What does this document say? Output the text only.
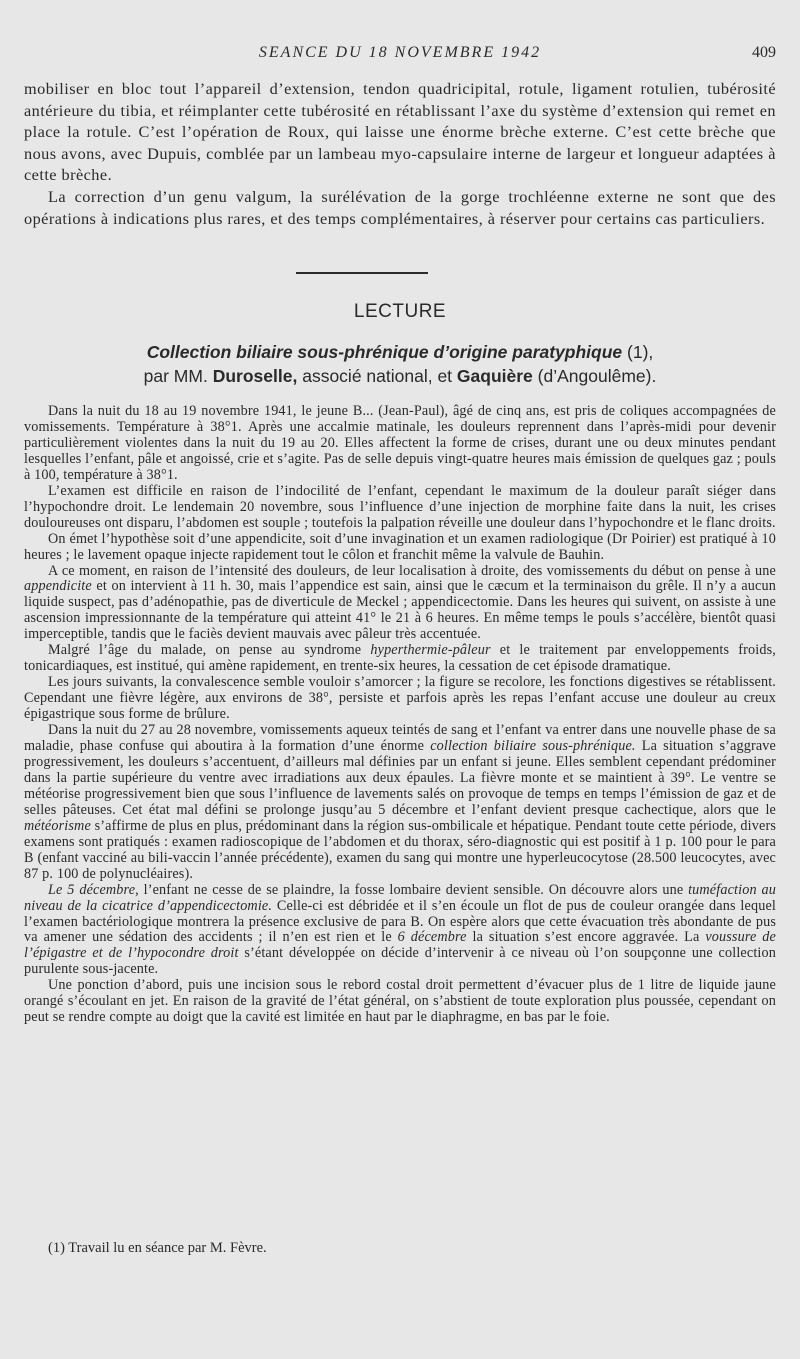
SEANCE DU 18 NOVEMBRE 1942	409

mobiliser en bloc tout l’appareil d’extension, tendon quadricipital, rotule, ligament rotulien, tubérosité antérieure du tibia, et réimplanter cette tubérosité en rétablissant l’axe du système d’extension qui remet en place la rotule. C’est l’opération de Roux, qui laisse une énorme brèche externe. C’est cette brèche que nous avons, avec Dupuis, comblée par un lambeau myo-capsulaire interne de largeur et longueur adaptées à cette brèche.

La correction d’un genu valgum, la surélévation de la gorge trochléenne externe ne sont que des opérations à indications plus rares, et des temps complémentaires, à réserver pour certains cas particuliers.

LECTURE
Collection biliaire sous-phrénique d’origine paratyphique (1),
par MM. Duroselle, associé national, et Gaquière (d’Angoulême).

Dans la nuit du 18 au 19 novembre 1941, le jeune B... (Jean-Paul), âgé de cinq ans, est pris de coliques accompagnées de vomissements. Température à 38°1. Après une accalmie matinale, les douleurs reprennent dans l’après-midi pour devenir particulièrement violentes dans la nuit du 19 au 20. Elles affectent la forme de crises, durant une ou deux minutes pendant lesquelles l’enfant, pâle et angoissé, crie et s’agite. Pas de selle depuis vingt-quatre heures mais émission de quelques gaz ; pouls à 100, température à 38°1.

L’examen est difficile en raison de l’indocilité de l’enfant, cependant le maximum de la douleur paraît siéger dans l’hypochondre droit. Le lendemain 20 novembre, sous l’influence d’une injection de morphine faite dans la nuit, les crises douloureuses ont disparu, l’abdomen est souple ; toutefois la palpation réveille une douleur dans l’hypochondre et le flanc droits.

On émet l’hypothèse soit d’une appendicite, soit d’une invagination et un examen radiologique (Dr Poirier) est pratiqué à 10 heures ; le lavement opaque injecte rapidement tout le côlon et franchit même la valvule de Bauhin.

A ce moment, en raison de l’intensité des douleurs, de leur localisation à droite, des vomissements du début on pense à une appendicite et on intervient à 11 h. 30, mais l’appendice est sain, ainsi que le cæcum et la terminaison du grêle. Il n’y a aucun liquide suspect, pas d’adénopathie, pas de diverticule de Meckel ; appendicectomie. Dans les heures qui suivent, on assiste à une ascension impressionnante de la température qui atteint 41° le 21 à 6 heures. En même temps le pouls s’accélère, bientôt quasi imperceptible, tandis que le faciès devient mauvais avec pâleur très accentuée.

Malgré l’âge du malade, on pense au syndrome hyperthermie-pâleur et le traitement par enveloppements froids, tonicardiaques, est institué, qui amène rapidement, en trente-six heures, la cessation de cet épisode dramatique.

Les jours suivants, la convalescence semble vouloir s’amorcer ; la figure se recolore, les fonctions digestives se rétablissent. Cependant une fièvre légère, aux environs de 38°, persiste et parfois après les repas l’enfant accuse une douleur au creux épigastrique sous forme de brûlure.

Dans la nuit du 27 au 28 novembre, vomissements aqueux teintés de sang et l’enfant va entrer dans une nouvelle phase de sa maladie, phase confuse qui aboutira à la formation d’une énorme collection biliaire sous-phrénique. La situation s’aggrave progressivement, les douleurs s’accentuent, d’ailleurs mal définies par un enfant si jeune. Elles semblent cependant prédominer dans la partie supérieure du ventre avec irradiations aux deux épaules. La fièvre monte et se maintient à 39°. Le ventre se météorise progressivement bien que sous l’influence de lavements salés on provoque de temps en temps l’émission de gaz et de selles pâteuses. Cet état mal défini se prolonge jusqu’au 5 décembre et l’enfant devient presque cachectique, alors que le météorisme s’affirme de plus en plus, prédominant dans la région sus-ombilicale et hépatique. Pendant toute cette période, divers examens sont pratiqués : examen radioscopique de l’abdomen et du thorax, séro-diagnostic qui est positif à 1 p. 100 pour le para B (enfant vacciné au bili-vaccin l’année précédente), examen du sang qui montre une hyperleucocytose (28.500 leucocytes, avec 87 p. 100 de polynucléaires).

Le 5 décembre, l’enfant ne cesse de se plaindre, la fosse lombaire devient sensible. On découvre alors une tuméfaction au niveau de la cicatrice d’appendicectomie. Celle-ci est débridée et il s’en écoule un flot de pus de couleur orangée dans lequel l’examen bactériologique montrera la présence exclusive de para B. On espère alors que cette évacuation très abondante de pus va amener une sédation des accidents ; il n’en est rien et le 6 décembre la situation s’est encore aggravée. La voussure de l’épigastre et de l’hypocondre droit s’étant développée on décide d’intervenir à ce niveau où l’on soupçonne une collection purulente sous-jacente.

Une ponction d’abord, puis une incision sous le rebord costal droit permettent d’évacuer plus de 1 litre de liquide jaune orangé s’écoulant en jet. En raison de la gravité de l’état général, on s’abstient de toute exploration plus poussée, cependant on peut se rendre compte au doigt que la cavité est limitée en haut par le diaphragme, en bas par le foie.

(1) Travail lu en séance par M. Fèvre.
